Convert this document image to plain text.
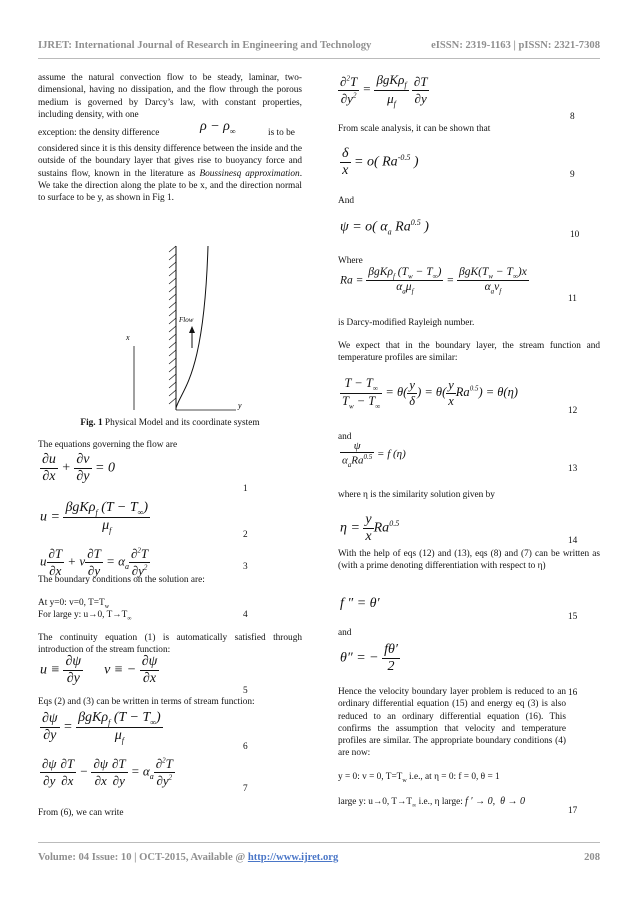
IJRET: International Journal of Research in Engineering and Technology	eISSN: 2319-1163 | pISSN: 2321-7308

assume the natural convection flow to be steady, laminar, two-dimensional, having no dissipation, and the flow through the porous medium is governed by Darcy’s law, with constant properties, including density, with one

exception: the density difference	$\rho - \rho_\infty$	is to be

considered since it is this density difference between the inside and the outside of the boundary layer that gives rise to buoyancy force and sustains flow, known in the literature as Boussinesq approximation. We take the direction along the plate to be x, and the direction normal to surface to be y, as shown in Fig 1.

Flow
x
y
Fig. 1 Physical Model and its coordinate system
The equations governing the flow are
$\frac{\partial u}{\partial x} + \frac{\partial v}{\partial y} = 0$
1
$u = \frac{\beta gK\rho_f (T - T_\infty)}{\mu_f}$
2
u $\frac{\partial T}{\partial x} + v \frac{\partial T}{\partial y} = \alpha_a \frac{\partial^2T}{\partial y^2}$	3
The boundary conditions on the solution are:
At y=0: v=0, $T=T_w$
For large y: u→0, $T\to T_\infty$	4

The continuity equation (1) is automatically satisfied through introduction of the stream function:

$u \equiv \frac{\partial\psi}{\partial y}$ v ≡ − $\frac{\partial\psi}{\partial x}$
5
Eqs (2) and (3) can be written in terms of stream function:
$\frac{\partial\psi}{\partial y} = \frac{\beta gK\rho_f (T - T_\infty)}{\mu_f}$
6
$\frac{\partial\psi}{\partial y} \frac{\partial T}{\partial x} - \frac{\partial\psi}{\partial x} \frac{\partial T}{\partial y} = \alpha_a \frac{\partial^2T}{\partial y^2}$	7
From (6), we can write
$\frac{\partial^2T}{\partial y^2} = \frac{\beta gK\rho_f}{\mu_f}$
$\frac{\partial T}{\partial y}$
8
From scale analysis, it can be shown that
$\frac{\delta}{x} = o$( $Ra^{-0.5}$ )
9
And
ψ = o( $\alpha_a$ $Ra^{0.5}$ )
10
Where
$Ra = \frac{\beta gK\rho_f (T_w - T_\infty)}{\alpha_a\mu_f} = \frac{\beta gK(T_w - T_\infty)x}{\alpha_a\nu_f}$
11
is Darcy-modified Rayleigh number.

We expect that in the boundary layer, the stream function and temperature profiles are similar:

$\frac{T - T_\infty}{T_w - T_\infty} = \theta( \frac{y}{\delta}$ ) = $\theta( \frac{y}{x} Ra^{0.5}) = \theta(\eta)$
12
and
$\frac{\psi}{\alpha_aRa^{0.5}} = f$ (η)
13
where η is the similarity solution given by
$\eta = \frac{y}{x} Ra^{0.5}$
14

With the help of eqs (12) and (13), eqs (8) and (7) can be written as (with a prime denoting differentiation with respect to η)

f ″ = θ′
15
and
θ″ = − $\frac{f\theta'}{2}$
16

Hence the velocity boundary layer problem is reduced to an ordinary differential equation (15) and energy eq (3) is also reduced to an ordinary differential equation (16). This confirms the assumption that velocity and temperature profiles are similar. The appropriate boundary conditions (4) are now:

y = 0: v = 0, $T=T_w$ i.e., at η = 0: f = 0, θ = 1
large y: u→0, $T\to T_\infty$ i.e., η large: f ′ → 0,  θ → 0
17
Volume: 04 Issue: 10 | OCT-2015, Available @ http://www.ijret.org	208
